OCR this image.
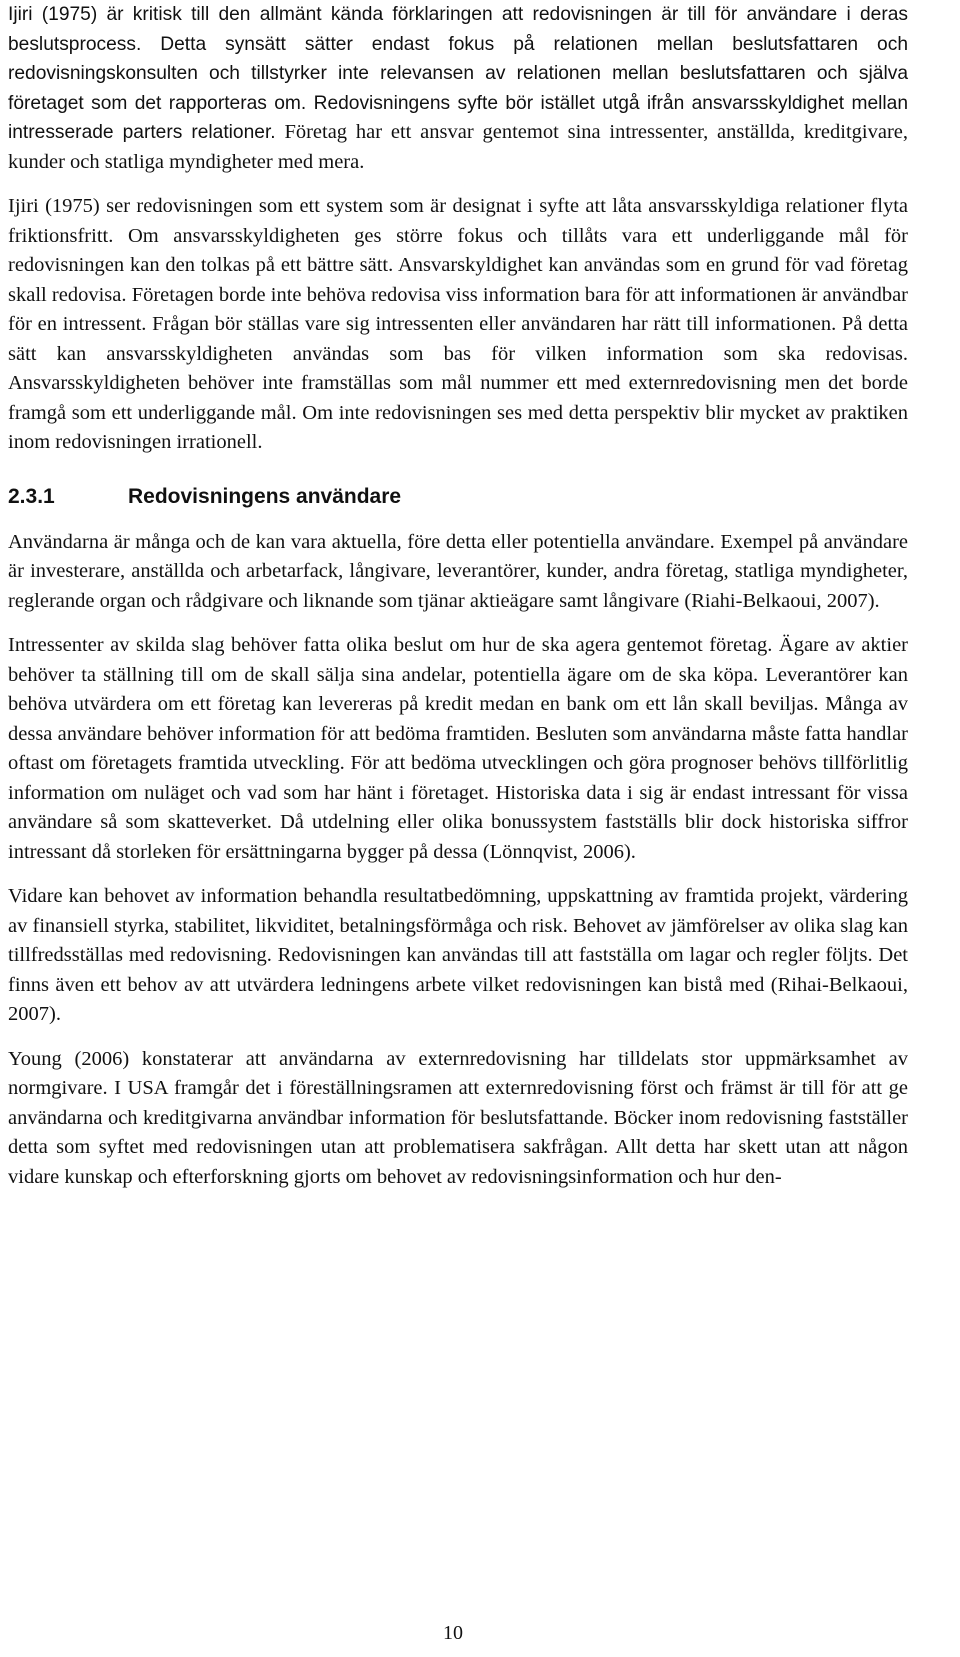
Ijiri (1975) är kritisk till den allmänt kända förklaringen att redovisningen är till för användare i deras beslutsprocess. Detta synsätt sätter endast fokus på relationen mellan beslutsfattaren och redovisningskonsulten och tillstyrker inte relevansen av relationen mellan beslutsfattaren och själva företaget som det rapporteras om. Redovisningens syfte bör istället utgå ifrån ansvarsskyldighet mellan intresserade parters relationer. Företag har ett ansvar gentemot sina intressenter, anställda, kreditgivare, kunder och statliga myndigheter med mera.

Ijiri (1975) ser redovisningen som ett system som är designat i syfte att låta ansvarsskyldiga relationer flyta friktionsfritt. Om ansvarsskyldigheten ges större fokus och tillåts vara ett underliggande mål för redovisningen kan den tolkas på ett bättre sätt. Ansvarskyldighet kan användas som en grund för vad företag skall redovisa. Företagen borde inte behöva redovisa viss information bara för att informationen är användbar för en intressent. Frågan bör ställas vare sig intressenten eller användaren har rätt till informationen. På detta sätt kan ansvarsskyldigheten användas som bas för vilken information som ska redovisas. Ansvarsskyldigheten behöver inte framställas som mål nummer ett med externredovisning men det borde framgå som ett underliggande mål. Om inte redovisningen ses med detta perspektiv blir mycket av praktiken inom redovisningen irrationell.

2.3.1	Redovisningens användare

Användarna är många och de kan vara aktuella, före detta eller potentiella användare. Exempel på användare är investerare, anställda och arbetarfack, långivare, leverantörer, kunder, andra företag, statliga myndigheter, reglerande organ och rådgivare och liknande som tjänar aktieägare samt långivare (Riahi-Belkaoui, 2007).

Intressenter av skilda slag behöver fatta olika beslut om hur de ska agera gentemot företag. Ägare av aktier behöver ta ställning till om de skall sälja sina andelar, potentiella ägare om de ska köpa. Leverantörer kan behöva utvärdera om ett företag kan levereras på kredit medan en bank om ett lån skall beviljas. Många av dessa användare behöver information för att bedöma framtiden. Besluten som användarna måste fatta handlar oftast om företagets framtida utveckling. För att bedöma utvecklingen och göra prognoser behövs tillförlitlig information om nuläget och vad som har hänt i företaget. Historiska data i sig är endast intressant för vissa användare så som skatteverket. Då utdelning eller olika bonussystem fastställs blir dock historiska siffror intressant då storleken för ersättningarna bygger på dessa (Lönnqvist, 2006).

Vidare kan behovet av information behandla resultatbedömning, uppskattning av framtida projekt, värdering av finansiell styrka, stabilitet, likviditet, betalningsförmåga och risk. Behovet av jämförelser av olika slag kan tillfredsställas med redovisning. Redovisningen kan användas till att fastställa om lagar och regler följts. Det finns även ett behov av att utvärdera ledningens arbete vilket redovisningen kan bistå med (Rihai-Belkaoui, 2007).

Young (2006) konstaterar att användarna av externredovisning har tilldelats stor uppmärksamhet av normgivare. I USA framgår det i föreställningsramen att externredovisning först och främst är till för att ge användarna och kreditgivarna användbar information för beslutsfattande. Böcker inom redovisning fastställer detta som syftet med redovisningen utan att problematisera sakfrågan. Allt detta har skett utan att någon vidare kunskap och efterforskning gjorts om behovet av redovisningsinformation och hur den-

10
